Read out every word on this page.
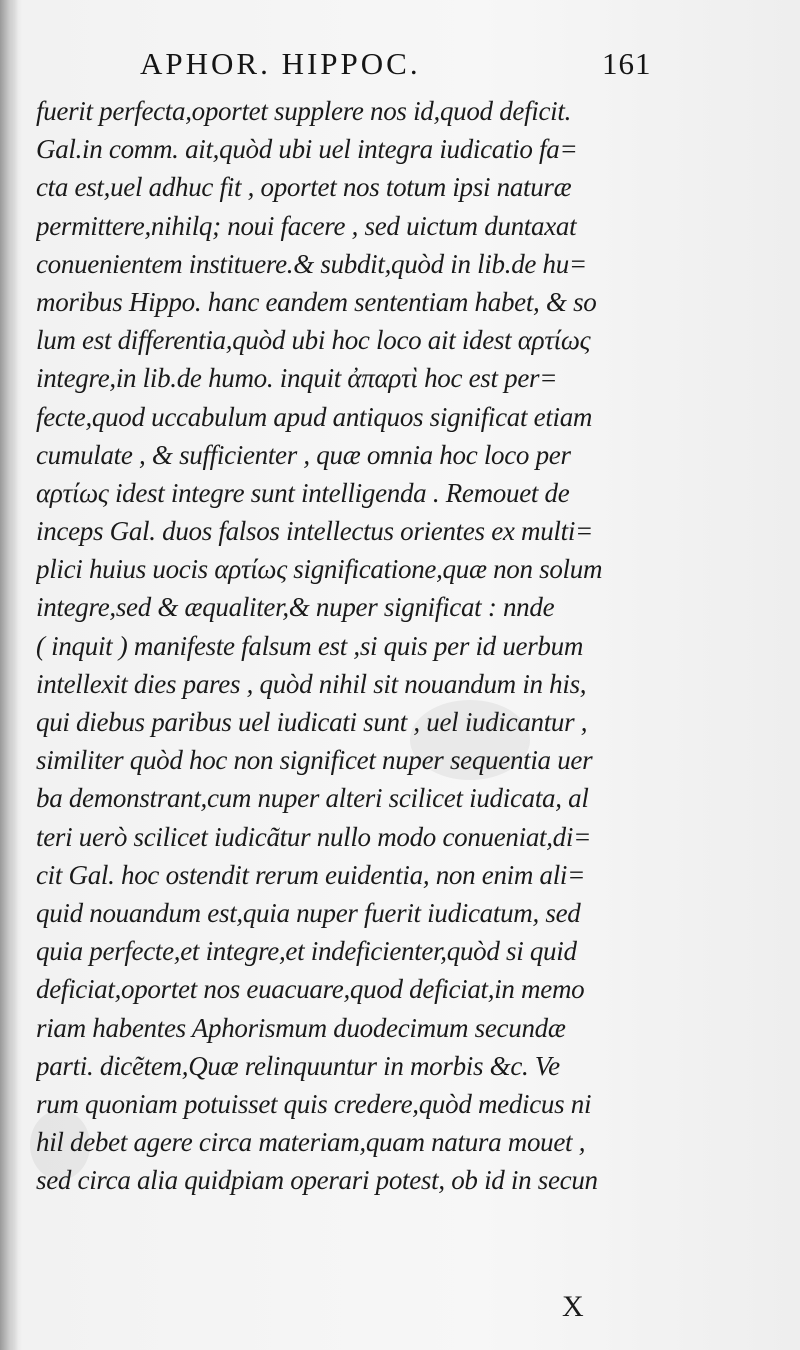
APHOR. HIPPOC.	161
fuerit perfecta,oportet supplere nos id,quod deficit.
Gal.in comm. ait,quòd ubi uel integra iudicatio fa=
cta est,uel adhuc fit , oportet nos totum ipsi naturæ
permittere,nihilq; noui facere , sed uictum duntaxat
conuenientem instituere.& subdit,quòd in lib.de hu=
moribus Hippo. hanc eandem sententiam habet, & so
lum est differentia,quòd ubi hoc loco ait idest αρτίως
integre,in lib.de humo. inquit ἀπαρτὶ hoc est per=
fecte,quod uccabulum apud antiquos significat etiam
cumulate , & sufficienter , quæ omnia hoc loco per
αρτίως idest integre sunt intelligenda . Remouet de
inceps Gal. duos falsos intellectus orientes ex multi=
plici huius uocis αρτίως significatione,quæ non solum
integre,sed & æqualiter,& nuper significat : nnde
( inquit ) manifeste falsum est ,si quis per id uerbum
intellexit dies pares , quòd nihil sit nouandum in his,
qui diebus paribus uel iudicati sunt , uel iudicantur ,
similiter quòd hoc non significet nuper sequentia uer
ba demonstrant,cum nuper alteri scilicet iudicata, al
teri uerò scilicet iudicãtur nullo modo conueniat,di=
cit Gal. hoc ostendit rerum euidentia, non enim ali=
quid nouandum est,quia nuper fuerit iudicatum, sed
quia perfecte,et integre,et indeficienter,quòd si quid
deficiat,oportet nos euacuare,quod deficiat,in memo
riam habentes Aphorismum duodecimum secundæ
parti. dicẽtem,Quæ relinquuntur in morbis &c. Ve
rum quoniam potuisset quis credere,quòd medicus ni
hil debet agere circa materiam,quam natura mouet ,
sed circa alia quidpiam operari potest, ob id in secun
X
